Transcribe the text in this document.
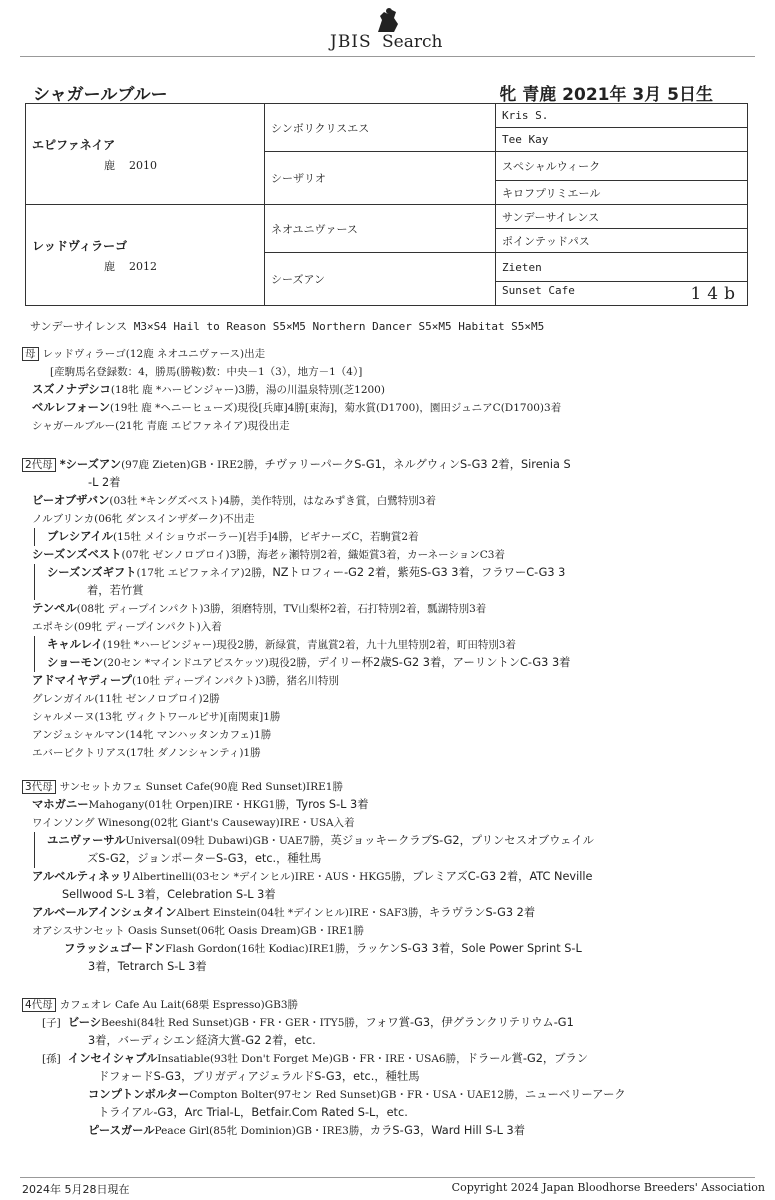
JBIS Search
シャガールブルー	牝 青鹿 2021年 3月 5日生
エピファネイア
鹿 2010	シンボリクリスエス	Kris S.
		Tee Kay
	シーザリオ	スペシャルウィーク
		キロフプリミエール

レッドヴィラーゴ
鹿 2012	ネオユニヴァース	サンデーサイレンス
		ポインテッドパス
	シーズアン	Zieten
		Sunset Cafe 14b
サンデーサイレンス M3×S4 Hail to Reason S5×M5 Northern Dancer S5×M5 Habitat S5×M5
母 レッドヴィラーゴ(12鹿 ネオユニヴァース)出走
[産駒馬名登録数：4，勝馬(勝鞍)数：中央－1（3），地方－1（4）]
スズノナデシコ(18牝 鹿 *ハービンジャー)3勝，湯の川温泉特別(芝1200)
ベルレフォーン(19牡 鹿 *ヘニーヒューズ)現役[兵庫]4勝[東海]，菊水賞(D1700)，園田ジュニアC(D1700)3着
シャガールブルー(21牝 青鹿 エピファネイア)現役出走
2代母 *シーズアン(97鹿 Zieten)GB・IRE2勝，チヴァリーパークS-G1，ネルグウィンS-G3 2着，Sirenia S
-L 2着
ビーオブザバン(03牡 *キングズベスト)4勝，美作特別，はなみずき賞，白鷺特別3着
ノルブリンカ(06牝 ダンスインザダーク)不出走
ブレシアイル(15牡 メイショウボーラー)[岩手]4勝，ビギナーズC，若駒賞2着
シーズンズベスト(07牝 ゼンノロブロイ)3勝，海老ヶ瀬特別2着，織姫賞3着，カーネーションC3着
シーズンズギフト(17牝 エピファネイア)2勝，NZトロフィー-G2 2着，紫苑S-G3 3着，フラワーC-G3 3
着，若竹賞
テンペル(08牝 ディープインパクト)3勝，須磨特別，TV山梨杯2着，石打特別2着，瓢湖特別3着
エポキシ(09牝 ディープインパクト)入着
キャルレイ(19牡 *ハービンジャー)現役2勝，新緑賞，青嵐賞2着，九十九里特別2着，町田特別3着
ショーモン(20セン *マインドユアビスケッツ)現役2勝，デイリー杯2歳S-G2 3着，アーリントンC-G3 3着
アドマイヤディープ(10牡 ディープインパクト)3勝，猪名川特別
グレンガイル(11牡 ゼンノロブロイ)2勝
シャルメーヌ(13牝 ヴィクトワールピサ)[南関東]1勝
アンジュシャルマン(14牝 マンハッタンカフェ)1勝
エバービクトリアス(17牡 ダノンシャンティ)1勝
3代母 サンセットカフェ Sunset Cafe(90鹿 Red Sunset)IRE1勝
マホガニーMahogany(01牡 Orpen)IRE・HKG1勝，Tyros S-L 3着
ワインソング Winesong(02牝 Giant's Causeway)IRE・USA入着
ユニヴァーサルUniversal(09牡 Dubawi)GB・UAE7勝，英ジョッキークラブS-G2，プリンセスオブウェイル
ズS-G2，ジョンポーターS-G3，etc.，種牡馬
アルベルティネッリAlbertinelli(03セン *デインヒル)IRE・AUS・HKG5勝，ブレミアズC-G3 2着，ATC Neville
Sellwood S-L 3着，Celebration S-L 3着
アルベールアインシュタインAlbert Einstein(04牡 *デインヒル)IRE・SAF3勝，キラヴランS-G3 2着
オアシスサンセット Oasis Sunset(06牝 Oasis Dream)GB・IRE1勝
フラッシュゴードンFlash Gordon(16牡 Kodiac)IRE1勝，ラッケンS-G3 3着，Sole Power Sprint S-L
3着，Tetrarch S-L 3着
4代母 カフェオレ Cafe Au Lait(68栗 Espresso)GB3勝
[子] ビーシBeeshi(84牡 Red Sunset)GB・FR・GER・ITY5勝，フォワ賞-G3，伊グランクリテリウム-G1
3着，バーディシエン経済大賞-G2 2着，etc.
[孫] インセイシャブルInsatiable(93牡 Don't Forget Me)GB・FR・IRE・USA6勝，ドラール賞-G2，ブラン
ドフォードS-G3，ブリガディアジェラルドS-G3，etc.，種牡馬
コンプトンボルターCompton Bolter(97セン Red Sunset)GB・FR・USA・UAE12勝，ニューベリーアーク
トライアル-G3，Arc Trial-L，Betfair.Com Rated S-L，etc.
ピースガールPeace Girl(85牝 Dominion)GB・IRE3勝，カラS-G3，Ward Hill S-L 3着
2024年 5月28日現在	Copyright 2024 Japan Bloodhorse Breeders' Association
